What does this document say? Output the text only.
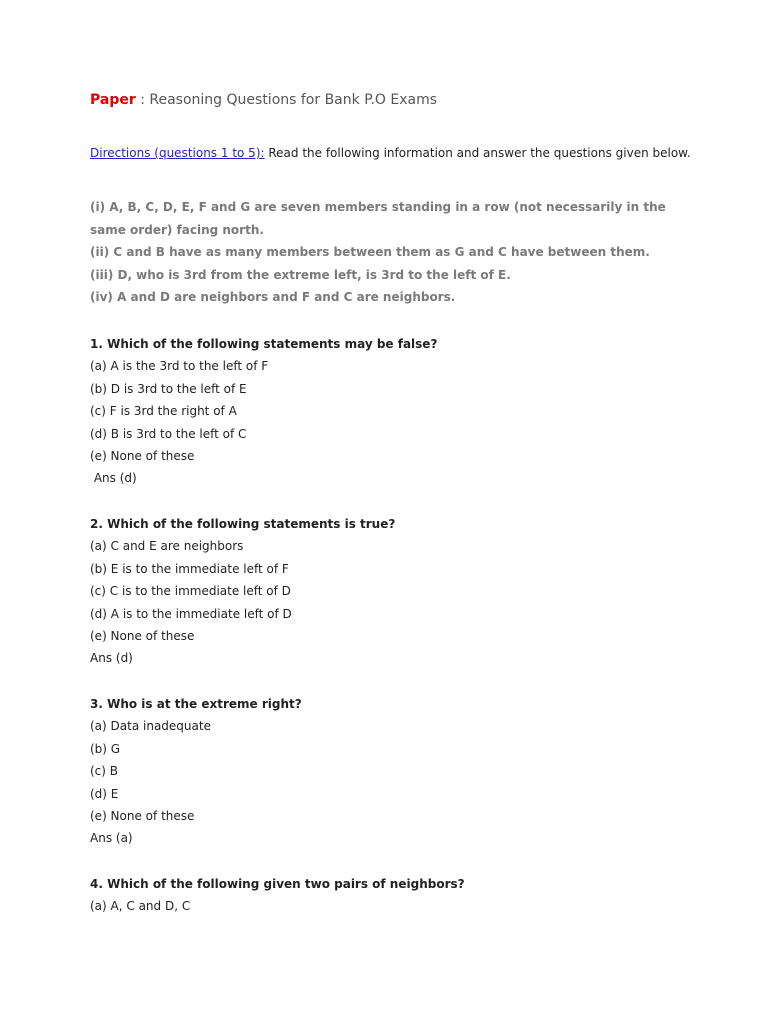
Paper : Reasoning Questions for Bank P.O Exams
Directions (questions 1 to 5): Read the following information and answer the questions given below.
(i) A, B, C, D, E, F and G are seven members standing in a row (not necessarily in the same order) facing north.
(ii) C and B have as many members between them as G and C have between them.
(iii) D, who is 3rd from the extreme left, is 3rd to the left of E.
(iv) A and D are neighbors and F and C are neighbors.
1. Which of the following statements may be false?
(a) A is the 3rd to the left of F
(b) D is 3rd to the left of E
(c) F is 3rd the right of A
(d) B is 3rd to the left of C
(e) None of these
Ans (d)
2. Which of the following statements is true?
(a) C and E are neighbors
(b) E is to the immediate left of F
(c) C is to the immediate left of D
(d) A is to the immediate left of D
(e) None of these
Ans (d)
3. Who is at the extreme right?
(a) Data inadequate
(b) G
(c) B
(d) E
(e) None of these
Ans (a)
4. Which of the following given two pairs of neighbors?
(a) A, C and D, C
